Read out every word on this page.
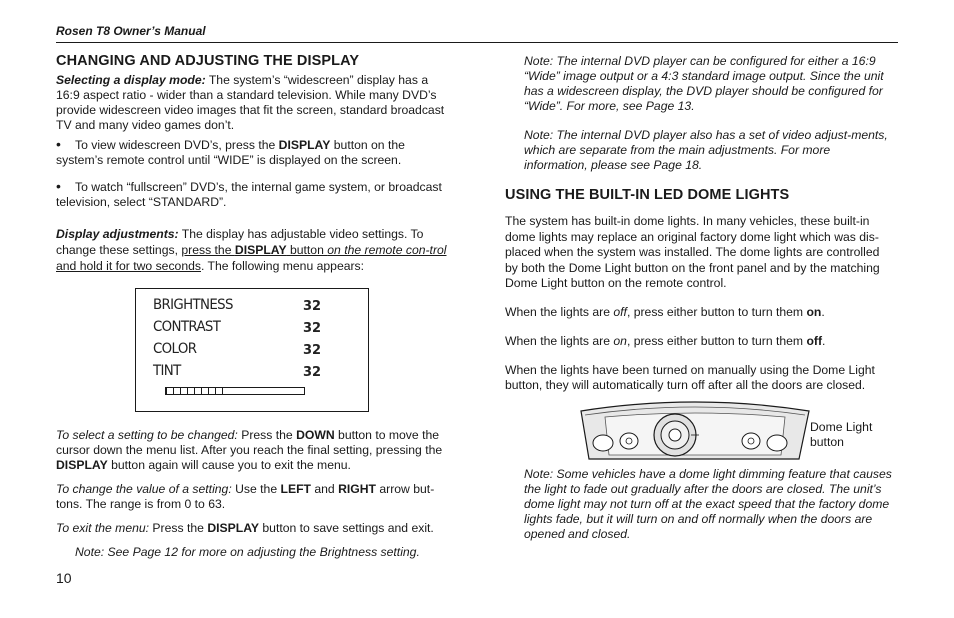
Rosen T8 Owner’s Manual
CHANGING AND ADJUSTING THE DISPLAY
Selecting a display mode: The system’s “widescreen” display has a 16:9 aspect ratio - wider than a standard television. While many DVD’s provide widescreen video images that fit the screen, standard broadcast TV and many video games don’t.
• To view widescreen DVD’s, press the DISPLAY button on the system’s remote control until “WIDE” is displayed on the screen.
• To watch “fullscreen” DVD’s, the internal game system, or broadcast television, select “STANDARD”.
Display adjustments: The display has adjustable video settings. To change these settings, press the DISPLAY button on the remote con-trol and hold it for two seconds. The following menu appears:
BRIGHTNESS	32
CONTRAST	32
COLOR	32
TINT	32
To select a setting to be changed: Press the DOWN button to move the cursor down the menu list. After you reach the final setting, pressing the DISPLAY button again will cause you to exit the menu.
To change the value of a setting: Use the LEFT and RIGHT arrow but-tons. The range is from 0 to 63.
To exit the menu: Press the DISPLAY button to save settings and exit.
Note: See Page 12 for more on adjusting the Brightness setting.
10
Note: The internal DVD player can be configured for either a 16:9 “Wide” image output or a 4:3 standard image output. Since the unit has a widescreen display, the DVD player should be configured for “Wide”. For more, see Page 13.
Note: The internal DVD player also has a set of video adjust-ments, which are separate from the main adjustments. For more information, please see Page 18.
USING THE BUILT-IN LED DOME LIGHTS
The system has built-in dome lights. In many vehicles, these built-in dome lights may replace an original factory dome light which was dis-placed when the system was installed. The dome lights are controlled by both the Dome Light button on the front panel and by the matching Dome Light button on the remote control.
When the lights are off, press either button to turn them on.
When the lights are on, press either button to turn them off.
When the lights have been turned on manually using the Dome Light button, they will automatically turn off after all the doors are closed.
Dome Light button
Note: Some vehicles have a dome light dimming feature that causes the light to fade out gradually after the doors are closed. The unit’s dome light may not turn off at the exact speed that the factory dome lights fade, but it will turn on and off normally when the doors are opened and closed.
